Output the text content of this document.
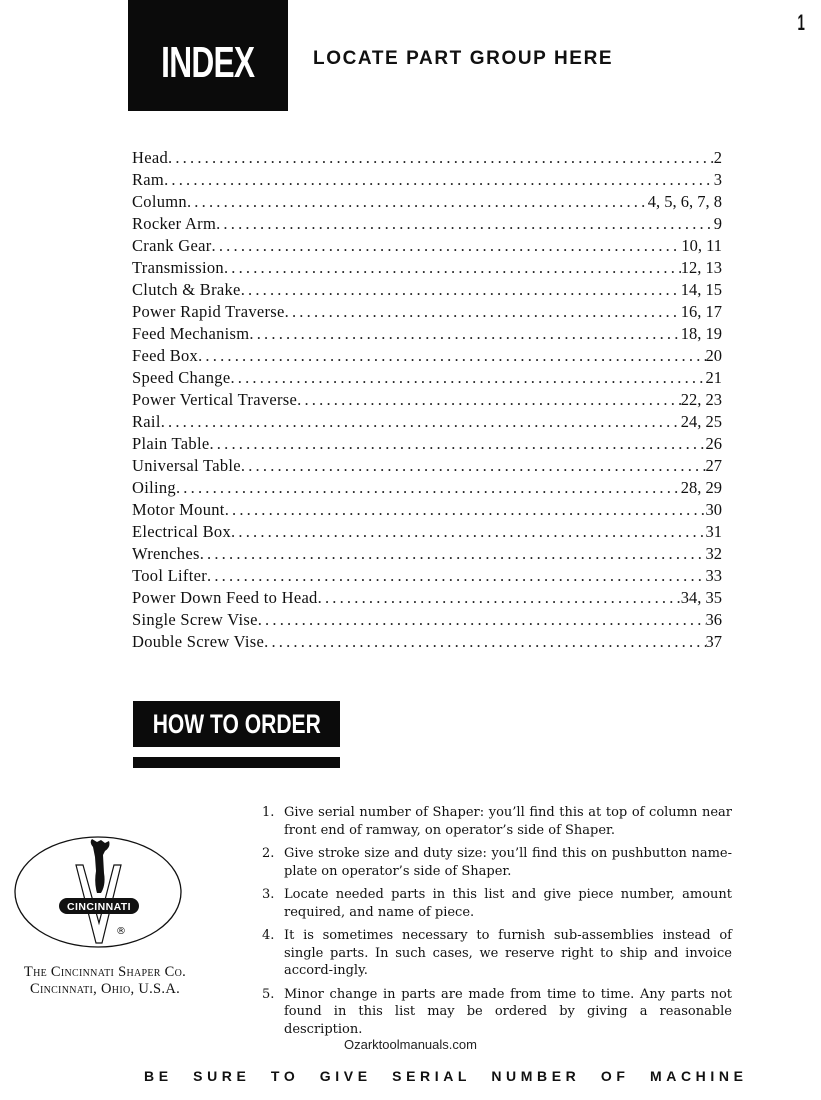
INDEX	LOCATE PART GROUP HERE
1
Head .....	2
Ram .....	3
Column .....	4, 5, 6, 7, 8
Rocker Arm .....	9
Crank Gear .....	10, 11
Transmission .....	12, 13
Clutch & Brake .....	14, 15
Power Rapid Traverse .....	16, 17
Feed Mechanism .....	18, 19
Feed Box .....	20
Speed Change .....	21
Power Vertical Traverse .....	22, 23
Rail .....	24, 25
Plain Table .....	26
Universal Table .....	27
Oiling .....	28, 29
Motor Mount .....	30
Electrical Box .....	31
Wrenches .....	32
Tool Lifter .....	33
Power Down Feed to Head .....	34, 35
Single Screw Vise .....	36
Double Screw Vise .....	37
HOW TO ORDER
CINCINNATI
®
The Cincinnati Shaper Co.
Cincinnati, Ohio, U.S.A.
1. Give serial number of Shaper: you’ll find this at top of column near front end of ramway, on operator’s side of Shaper.
2. Give stroke size and duty size: you’ll find this on pushbutton name-plate on operator’s side of Shaper.
3. Locate needed parts in this list and give piece number, amount required, and name of piece.
4. It is sometimes necessary to furnish sub-assemblies instead of single parts. In such cases, we reserve right to ship and invoice accord-ingly.
5. Minor change in parts are made from time to time. Any parts not found in this list may be ordered by giving a reasonable description.
Ozarktoolmanuals.com
BE SURE TO GIVE SERIAL NUMBER OF MACHINE
